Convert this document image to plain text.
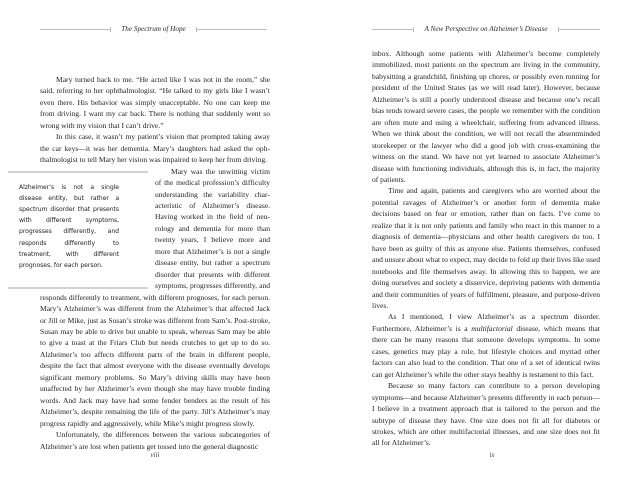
The Spectrum of Hope

Mary turned back to me. “He acted like I was not in the room,” she said, referring to her ophthalmologist. “He talked to my girls like I wasn’t even there. His behavior was simply unacceptable. No one can keep me from driving. I want my car back. There is nothing that suddenly went so wrong with my vision that I can’t drive.”

In this case, it wasn’t my patient’s vision that prompted taking away the car keys—it was her dementia. Mary’s daughters had asked the ophthalmologist to tell Mary her vision was impaired to keep her from driving.

Alzheimer’s is not a single disease entity, but rather a spectrum disorder that presents with different symptoms, progresses differently, and responds differently to treatment, with different prognoses, for each person.

Mary was the unwitting victim of the medical profession’s difficulty understanding the variability characteristic of Alzheimer’s disease. Having worked in the field of neurology and dementia for more than twenty years, I believe more and more that Alzheimer’s is not a single disease entity, but rather a spectrum disorder that presents with different symptoms, progresses differently, and responds differently to treatment, with different prognoses, for each person. Mary’s Alzheimer’s was different from the Alzheimer’s that affected Jack or Jill or Mike, just as Susan’s stroke was different from Sam’s. Post-stroke, Susan may be able to drive but unable to speak, whereas Sam may be able to give a toast at the Friars Club but needs crutches to get up to do so. Alzheimer’s too affects different parts of the brain in different people, despite the fact that almost everyone with the disease eventually develops significant memory problems. So Mary’s driving skills may have been unaffected by her Alzheimer’s even though she may have trouble finding words. And Jack may have had some fender benders as the result of his Alzheimer’s, despite remaining the life of the party. Jill’s Alzheimer’s may progress rapidly and aggressively, while Mike’s might progress slowly.

Unfortunately, the differences between the various subcategories of Alzheimer’s are lost when patients get tossed into the general diagnostic

viii
A New Perspective on Alzheimer’s Disease

inbox. Although some patients with Alzheimer’s become completely immobilized, most patients on the spectrum are living in the community, babysitting a grandchild, finishing up chores, or possibly even running for president of the United States (as we will read later). However, because Alzheimer’s is still a poorly understood disease and because one’s recall bias tends toward severe cases, the people we remember with the condition are often mute and using a wheelchair, suffering from advanced illness. When we think about the condition, we will not recall the absentminded storekeeper or the lawyer who did a good job with cross-examining the witness on the stand. We have not yet learned to associate Alzheimer’s disease with functioning individuals, although this is, in fact, the majority of patients.

Time and again, patients and caregivers who are worried about the potential ravages of Alzheimer’s or another form of dementia make decisions based on fear or emotion, rather than on facts. I’ve come to realize that it is not only patients and family who react in this manner to a diagnosis of dementia—physicians and other health caregivers do too. I have been as guilty of this as anyone else. Patients themselves, confused and unsure about what to expect, may decide to fold up their lives like used notebooks and file themselves away. In allowing this to happen, we are doing ourselves and society a disservice, depriving patients with dementia and their communities of years of fulfillment, pleasure, and purpose-driven lives.

As I mentioned, I view Alzheimer’s as a spectrum disorder. Furthermore, Alzheimer’s is a multifactorial disease, which means that there can be many reasons that someone develops symptoms. In some cases, genetics may play a role, but lifestyle choices and myriad other factors can also lead to the condition. That one of a set of identical twins can get Alzheimer’s while the other stays healthy is testament to this fact.

Because so many factors can contribute to a person developing symptoms—and because Alzheimer’s presents differently in each person—I believe in a treatment approach that is tailored to the person and the subtype of disease they have. One size does not fit all for diabetes or strokes, which are other multifactorial illnesses, and one size does not fit all for Alzheimer’s.

ix
